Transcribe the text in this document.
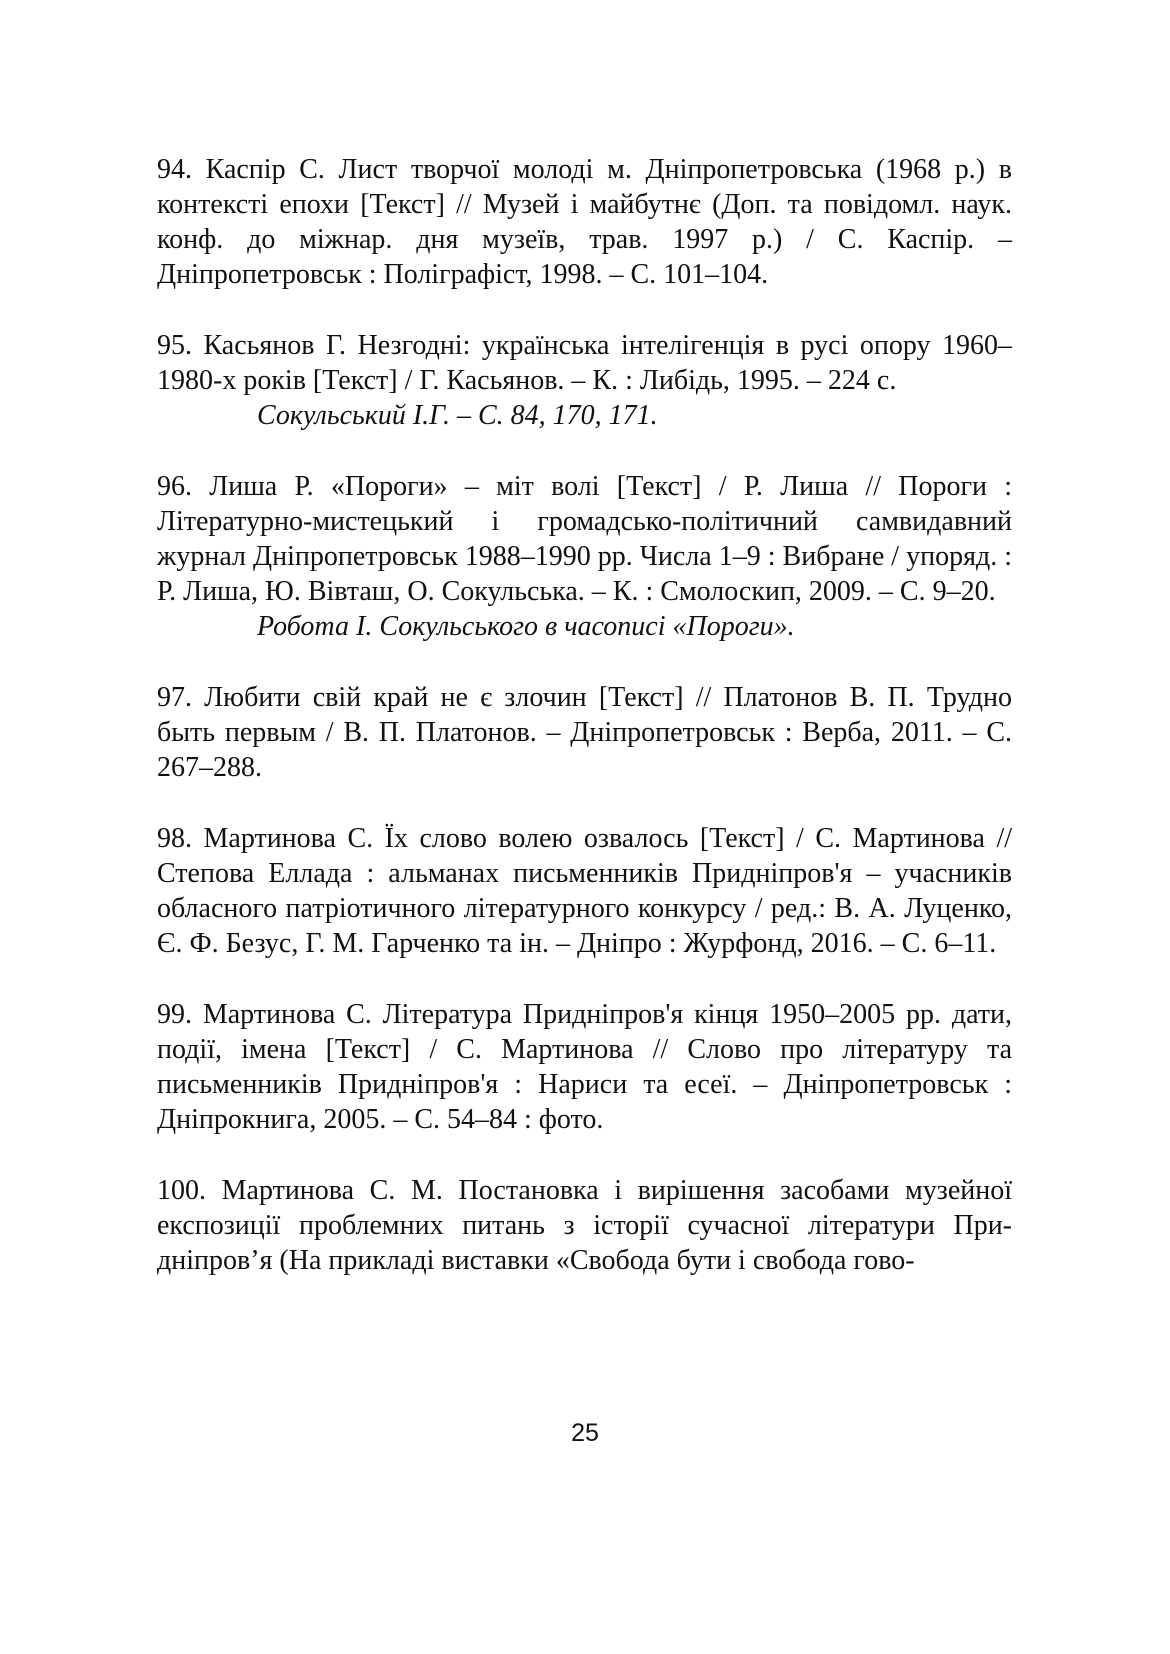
94. Каспір С. Лист творчої молоді м. Дніпропетровська (1968 р.) в контексті епохи [Текст] // Музей і майбутнє (Доп. та повідомл. наук. конф. до міжнар. дня музеїв, трав. 1997 р.) / С. Каспір. – Дніпропетровськ : Поліграфіст, 1998. – С. 101–104.

95. Касьянов Г. Незгодні: українська інтелігенція в русі опору 1960–1980-х років [Текст] / Г. Касьянов. – К. : Либідь, 1995. – 224 с.

Сокульський І.Г. – С. 84, 170, 171.

96. Лиша Р. «Пороги» – міт волі [Текст] / Р. Лиша // Пороги : Літературно-мистецький і громадсько-політичний самвидавний журнал Дніпропетровськ 1988–1990 рр. Числа 1–9 : Вибране / упоряд. : Р. Лиша, Ю. Вівташ, О. Сокульська. – К. : Смолоскип, 2009. – С. 9–20.

Робота І. Сокульського в часописі «Пороги».

97. Любити свій край не є злочин [Текст] // Платонов В. П. Трудно быть первым / В. П. Платонов. – Дніпропетровськ : Верба, 2011. – С. 267–288.

98. Мартинова С. Їх слово волею озвалось [Текст] / С. Мартинова // Степова Еллада : альманах письменників Придніпров'я – учасників обласного патріотичного літературного конкурсу / ред.: В. А. Луценко, Є. Ф. Безус, Г. М. Гарченко та ін. – Дніпро : Журфонд, 2016. – С. 6–11.

99. Мартинова С. Література Придніпров'я кінця 1950–2005 рр. дати, події, імена [Текст] / С. Мартинова // Слово про літературу та письменників Придніпров'я : Нариси та есеї. – Дніпропетровськ : Дніпрокнига, 2005. – С. 54–84 : фото.

100. Мартинова С. М. Постановка і вирішення засобами музейної експозиції проблемних питань з історії сучасної літератури Придніпров’я (На прикладі виставки «Свобода бути і свобода гово-

25
